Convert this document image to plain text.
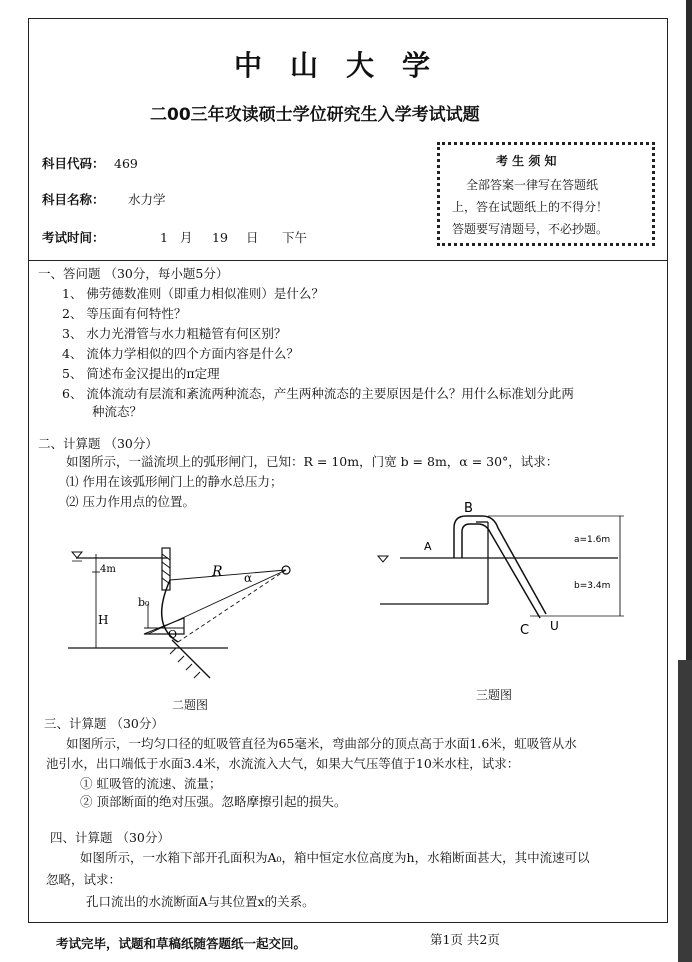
中山大学
二00三年攻读硕士学位研究生入学考试试题
科目代码： 469
科目名称： 水力学
考试时间：	1 月 19 日 下午
考 生 须 知
全部答案一律写在答题纸
上，答在试题纸上的不得分！
答题要写清题号，不必抄题。
一、答问题 （30分，每小题5分）
1、 佛劳德数准则（即重力相似准则）是什么？
2、 等压面有何特性？
3、 水力光滑管与水力粗糙管有何区别？
4、 流体力学相似的四个方面内容是什么？
5、 简述布金汉提出的π定理
6、 流体流动有层流和紊流两种流态，产生两种流态的主要原因是什么？用什么标准划分此两
种流态？
二、计算题 （30分）
如图所示，一溢流坝上的弧形闸门，已知：R = 10m，门宽 b = 8m，α = 30°，试求：
⑴ 作用在该弧形闸门上的静水总压力；
⑵ 压力作用点的位置。
4m
H
R α
b₀
O
二题图
A
B
C U
a=1.6m
b=3.4m
三题图
三、计算题 （30分）
如图所示，一均匀口径的虹吸管直径为65毫米，弯曲部分的顶点高于水面1.6米，虹吸管从水
池引水，出口端低于水面3.4米，水流流入大气，如果大气压等值于10米水柱，试求：
① 虹吸管的流速、流量；
② 顶部断面的绝对压强。忽略摩擦引起的损失。
四、计算题 （30分）
如图所示，一水箱下部开孔面积为A₀，箱中恒定水位高度为h，水箱断面甚大，其中流速可以
忽略，试求：
孔口流出的水流断面A与其位置x的关系。
考试完毕，试题和草稿纸随答题纸一起交回。	第1页 共2页
